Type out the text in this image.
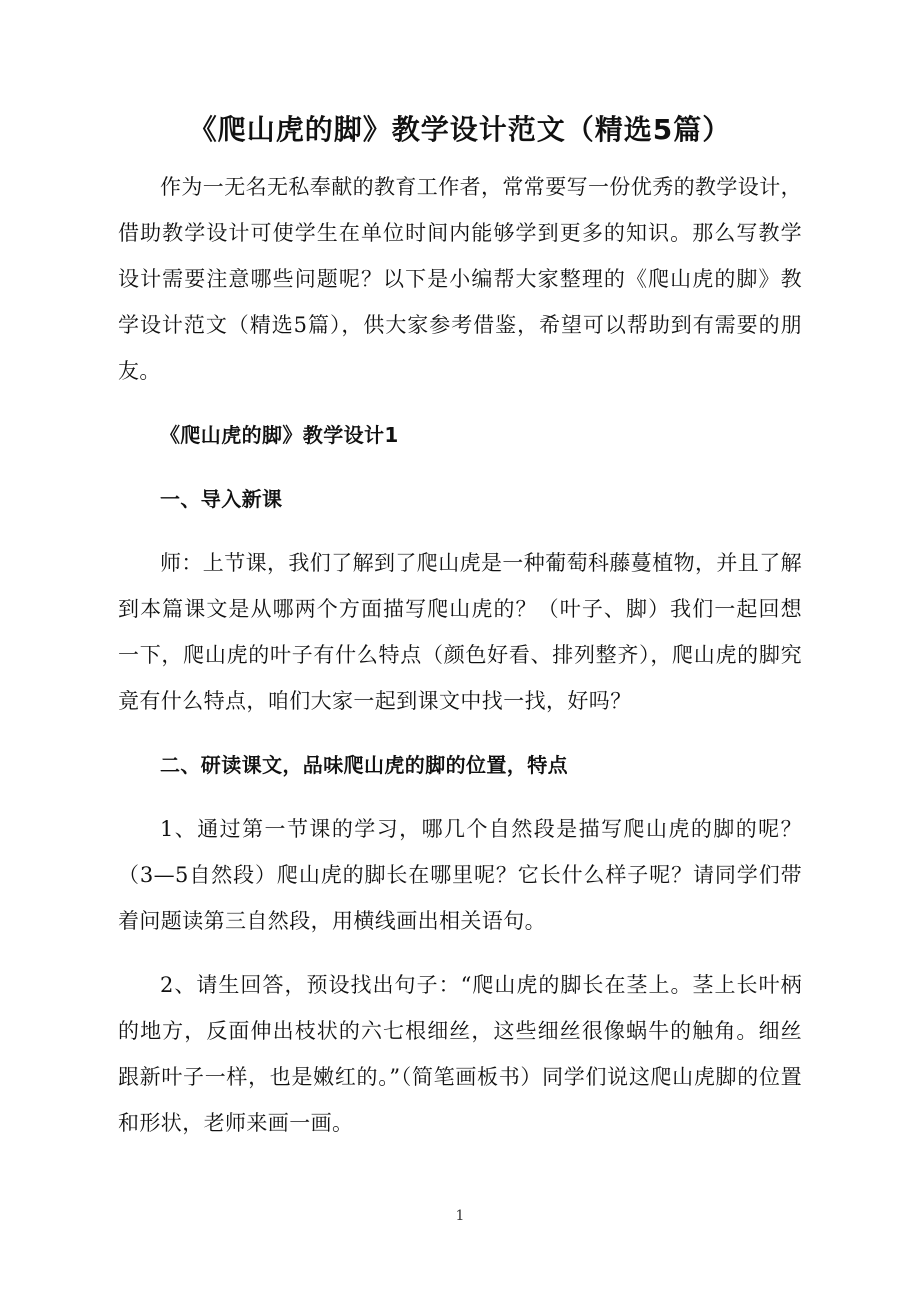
《爬山虎的脚》教学设计范文（精选5篇）

作为一无名无私奉献的教育工作者，常常要写一份优秀的教学设计，借助教学设计可使学生在单位时间内能够学到更多的知识。那么写教学设计需要注意哪些问题呢？以下是小编帮大家整理的《爬山虎的脚》教学设计范文（精选5篇），供大家参考借鉴，希望可以帮助到有需要的朋友。

《爬山虎的脚》教学设计1

一、导入新课

师：上节课，我们了解到了爬山虎是一种葡萄科藤蔓植物，并且了解到本篇课文是从哪两个方面描写爬山虎的？（叶子、脚）我们一起回想一下，爬山虎的叶子有什么特点（颜色好看、排列整齐），爬山虎的脚究竟有什么特点，咱们大家一起到课文中找一找，好吗？

二、研读课文，品味爬山虎的脚的位置，特点

1、通过第一节课的学习，哪几个自然段是描写爬山虎的脚的呢？（3—5自然段）爬山虎的脚长在哪里呢？它长什么样子呢？请同学们带着问题读第三自然段，用横线画出相关语句。

2、请生回答，预设找出句子：“爬山虎的脚长在茎上。茎上长叶柄的地方，反面伸出枝状的六七根细丝，这些细丝很像蜗牛的触角。细丝跟新叶子一样，也是嫩红的。”（简笔画板书）同学们说这爬山虎脚的位置和形状，老师来画一画。

1
